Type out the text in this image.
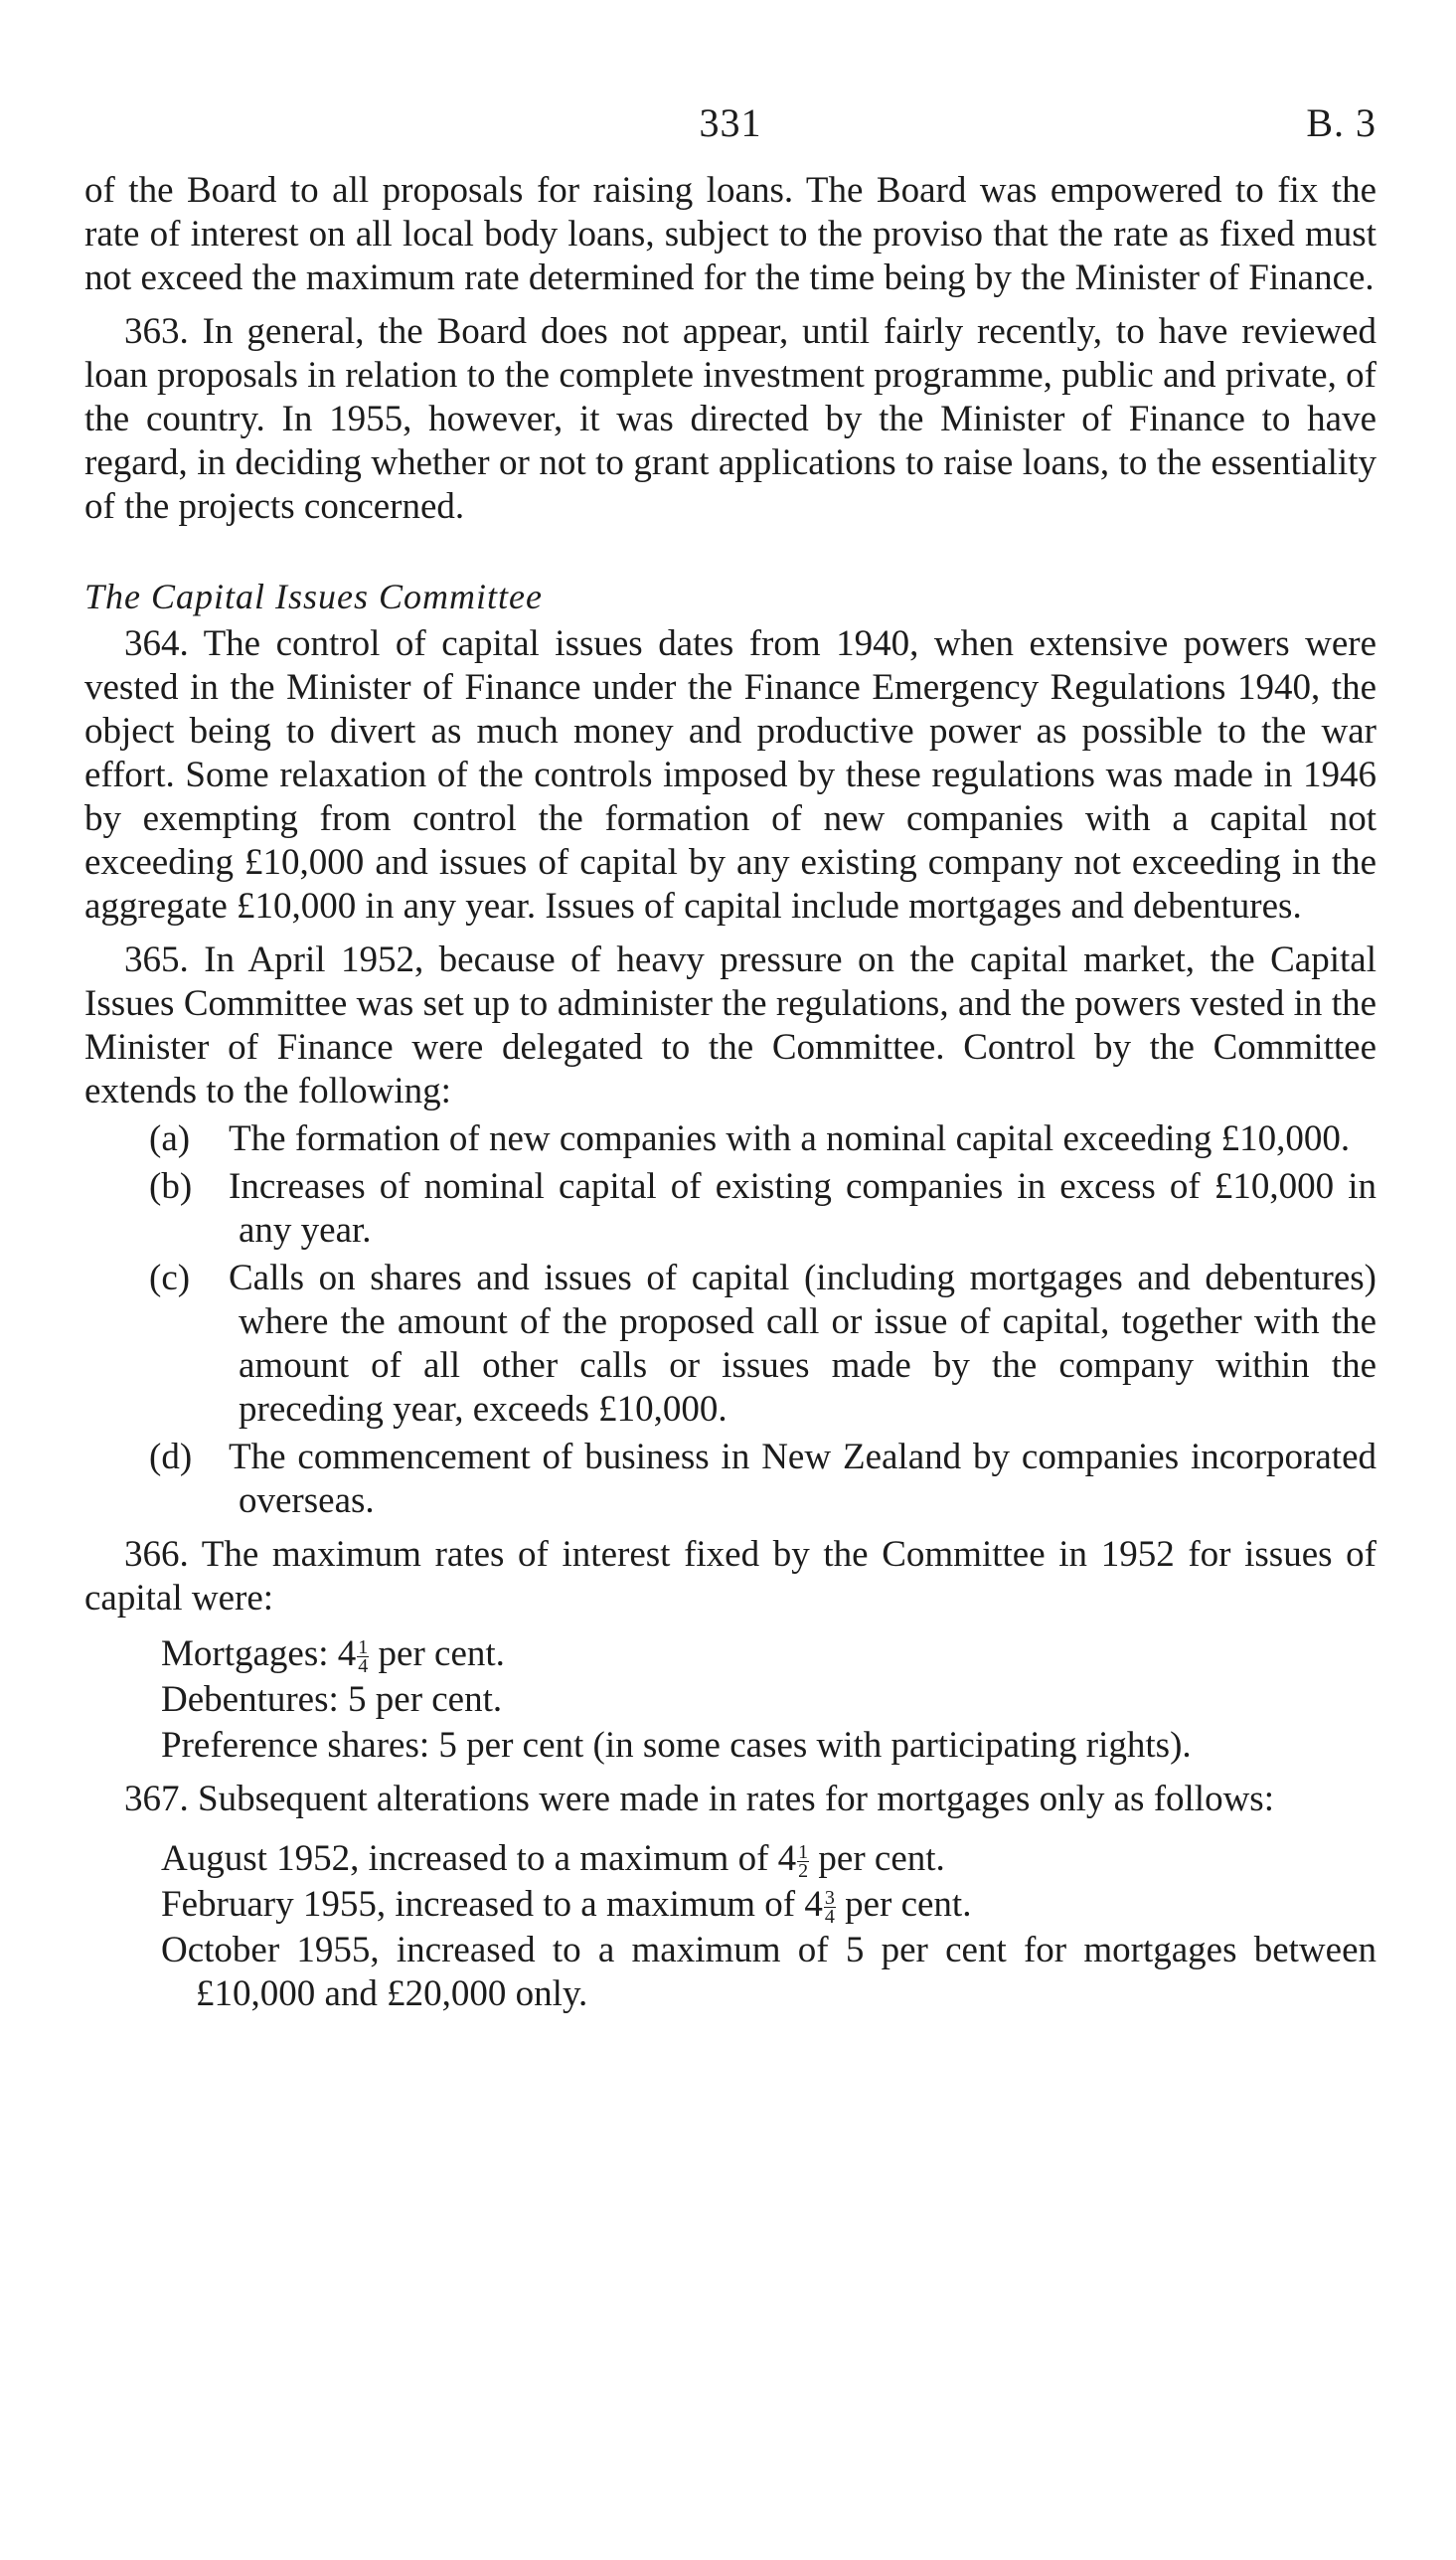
331	B. 3

of the Board to all proposals for raising loans. The Board was empowered to fix the rate of interest on all local body loans, subject to the proviso that the rate as fixed must not exceed the maximum rate determined for the time being by the Minister of Finance.

363. In general, the Board does not appear, until fairly recently, to have reviewed loan proposals in relation to the complete investment programme, public and private, of the country. In 1955, however, it was directed by the Minister of Finance to have regard, in deciding whether or not to grant applications to raise loans, to the essentiality of the projects concerned.

The Capital Issues Committee

364. The control of capital issues dates from 1940, when extensive powers were vested in the Minister of Finance under the Finance Emergency Regulations 1940, the object being to divert as much money and productive power as possible to the war effort. Some relaxation of the controls imposed by these regulations was made in 1946 by exempting from control the formation of new companies with a capital not exceeding £10,000 and issues of capital by any existing company not exceeding in the aggregate £10,000 in any year. Issues of capital include mortgages and debentures.

365. In April 1952, because of heavy pressure on the capital market, the Capital Issues Committee was set up to administer the regulations, and the powers vested in the Minister of Finance were delegated to the Committee. Control by the Committee extends to the following:

(a) The formation of new companies with a nominal capital exceeding £10,000.

(b) Increases of nominal capital of existing companies in excess of £10,000 in any year.

(c) Calls on shares and issues of capital (including mortgages and debentures) where the amount of the proposed call or issue of capital, together with the amount of all other calls or issues made by the company within the preceding year, exceeds £10,000.

(d) The commencement of business in New Zealand by companies incorporated overseas.

366. The maximum rates of interest fixed by the Committee in 1952 for issues of capital were:

Mortgages: $4 \frac{1}{4}$ per cent.

Debentures: 5 per cent.

Preference shares: 5 per cent (in some cases with participating rights).

367. Subsequent alterations were made in rates for mortgages only as follows:

August 1952, increased to a maximum of $4 \frac{1}{2}$ per cent.

February 1955, increased to a maximum of $4 \frac{3}{4}$ per cent.

October 1955, increased to a maximum of 5 per cent for mortgages between £10,000 and £20,000 only.
